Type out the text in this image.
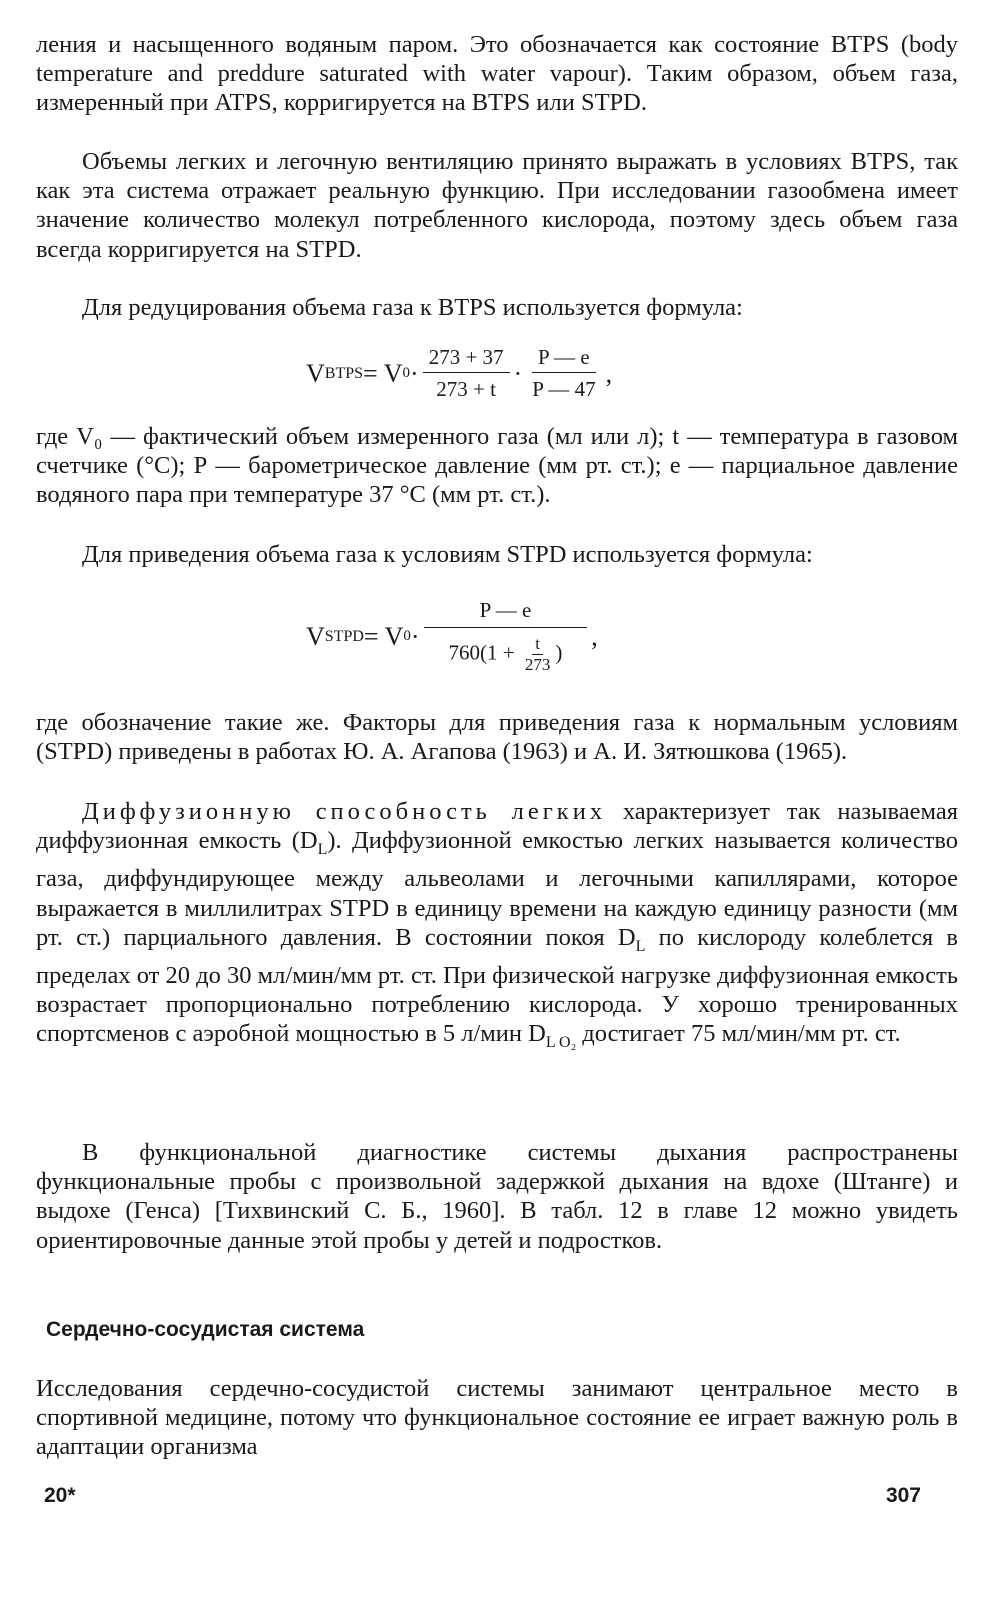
ления и насыщенного водяным паром. Это обозначается как состояние BTPS (body temperature and preddure saturated with water vapour). Таким образом, объем газа, измеренный при ATPS, корригируется на BTPS или STPD.

Объемы легких и легочную вентиляцию принято выражать в условиях BTPS, так как эта система отражает реальную функцию. При исследовании газообмена имеет значение количество молекул потребленного кислорода, поэтому здесь объем газа всегда корригируется на STPD.

Для редуцирования объема газа к BTPS используется формула:

V BTPS = V $0 \cdot \frac{273 + 37}{273 + t} \cdot \frac{P — e}{P — 47}$ ,

где V₀ — фактический объем измеренного газа (мл или л); t — температура в газовом счетчике (°С); Р — барометрическое давление (мм рт. ст.); е — парциальное давление водяного пара при температуре 37 °С (мм рт. ст.).

Для приведения объема газа к условиям STPD используется формула:

V STPD = V $0 \cdot \frac{P — e}{760(1 + \frac{t}{273} )}$ ,

где обозначение такие же. Факторы для приведения газа к нормальным условиям (STPD) приведены в работах Ю. А. Агапова (1963) и А. И. Зятюшкова (1965).

Диффузионную способность легких характеризует так называемая диффузионная емкость $(D_L)$. Диффузионной емкостью легких называется количество газа, диффундирующее между альвеолами и легочными капиллярами, которое выражается в миллилитрах STPD в единицу времени на каждую единицу разности (мм рт. ст.) парциального давления. В состоянии покоя $D_L$ по кислороду колеблется в пределах от 20 до 30 мл/мин/мм рт. ст. При физической нагрузке диффузионная емкость возрастает пропорционально потреблению кислорода. У хорошо тренированных спортсменов с аэробной мощностью в 5 л/мин $D_{L O_2}$ достигает 75 мл/мин/мм рт. ст.

В функциональной диагностике системы дыхания распространены функциональные пробы с произвольной задержкой дыхания на вдохе (Штанге) и выдохе (Генса) [Тихвинский С. Б., 1960]. В табл. 12 в главе 12 можно увидеть ориентировочные данные этой пробы у детей и подростков.

Сердечно-сосудистая система

Исследования сердечно-сосудистой системы занимают центральное место в спортивной медицине, потому что функциональное состояние ее играет важную роль в адаптации организма

20*	307
